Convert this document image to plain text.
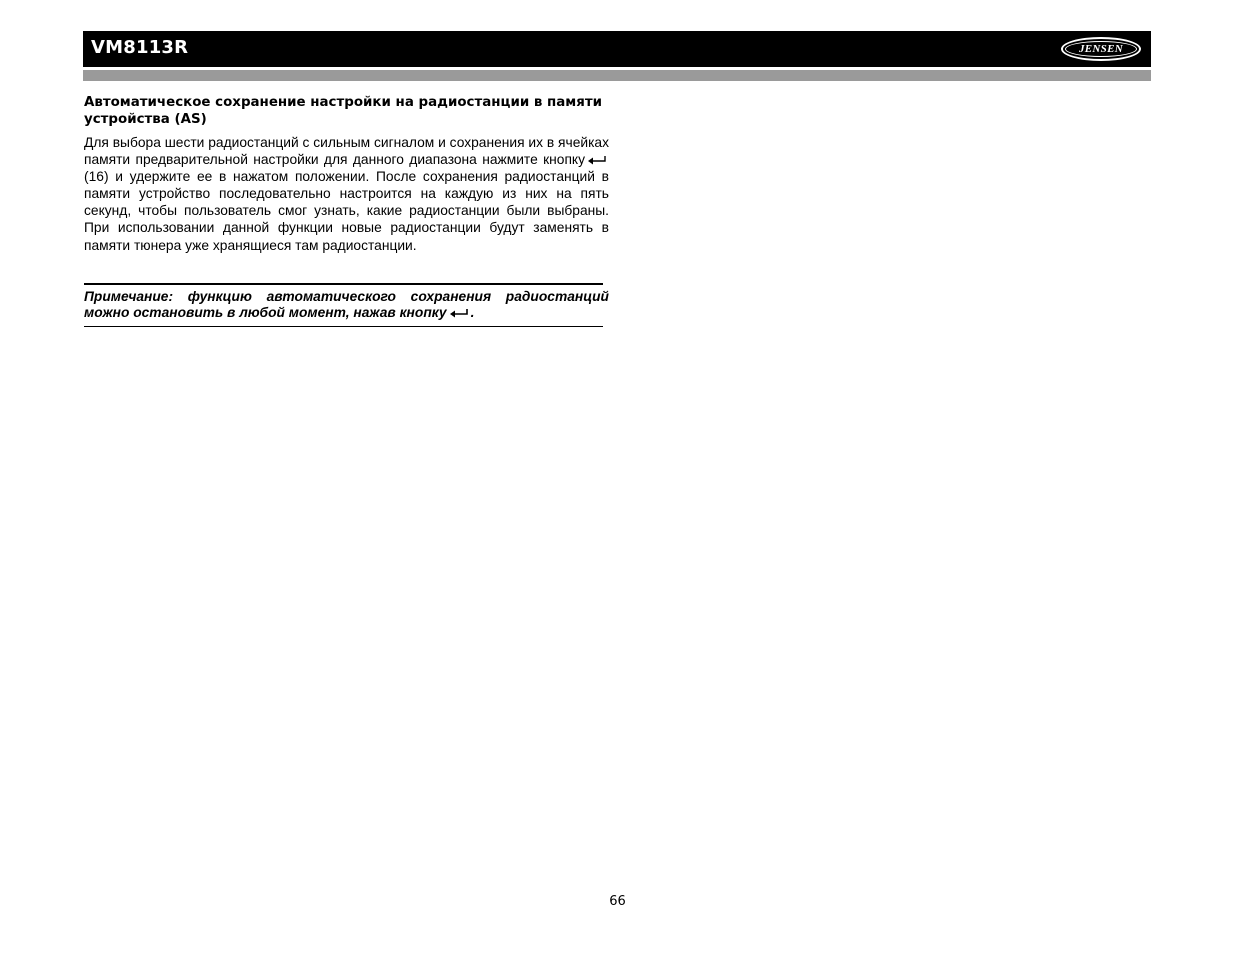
VM8113R	JENSEN
Автоматическое сохранение настройки на радиостанции в памяти устройства (AS)

Для выбора шести радиостанций с сильным сигналом и сохранения их в ячейках памяти предварительной настройки для данного диапазона нажмите кнопку(16) и удержите ее в нажатом положении. После сохранения радиостанций в памяти устройство последовательно настроится на каждую из них на пять секунд, чтобы пользователь смог узнать, какие радиостанции были выбраны. При использовании данной функции новые радиостанции будут заменять в памяти тюнера уже хранящиеся там радиостанции.

Примечание: функцию автоматического сохранения радиостанций можно остановить в любой момент, нажав кнопку .

66
